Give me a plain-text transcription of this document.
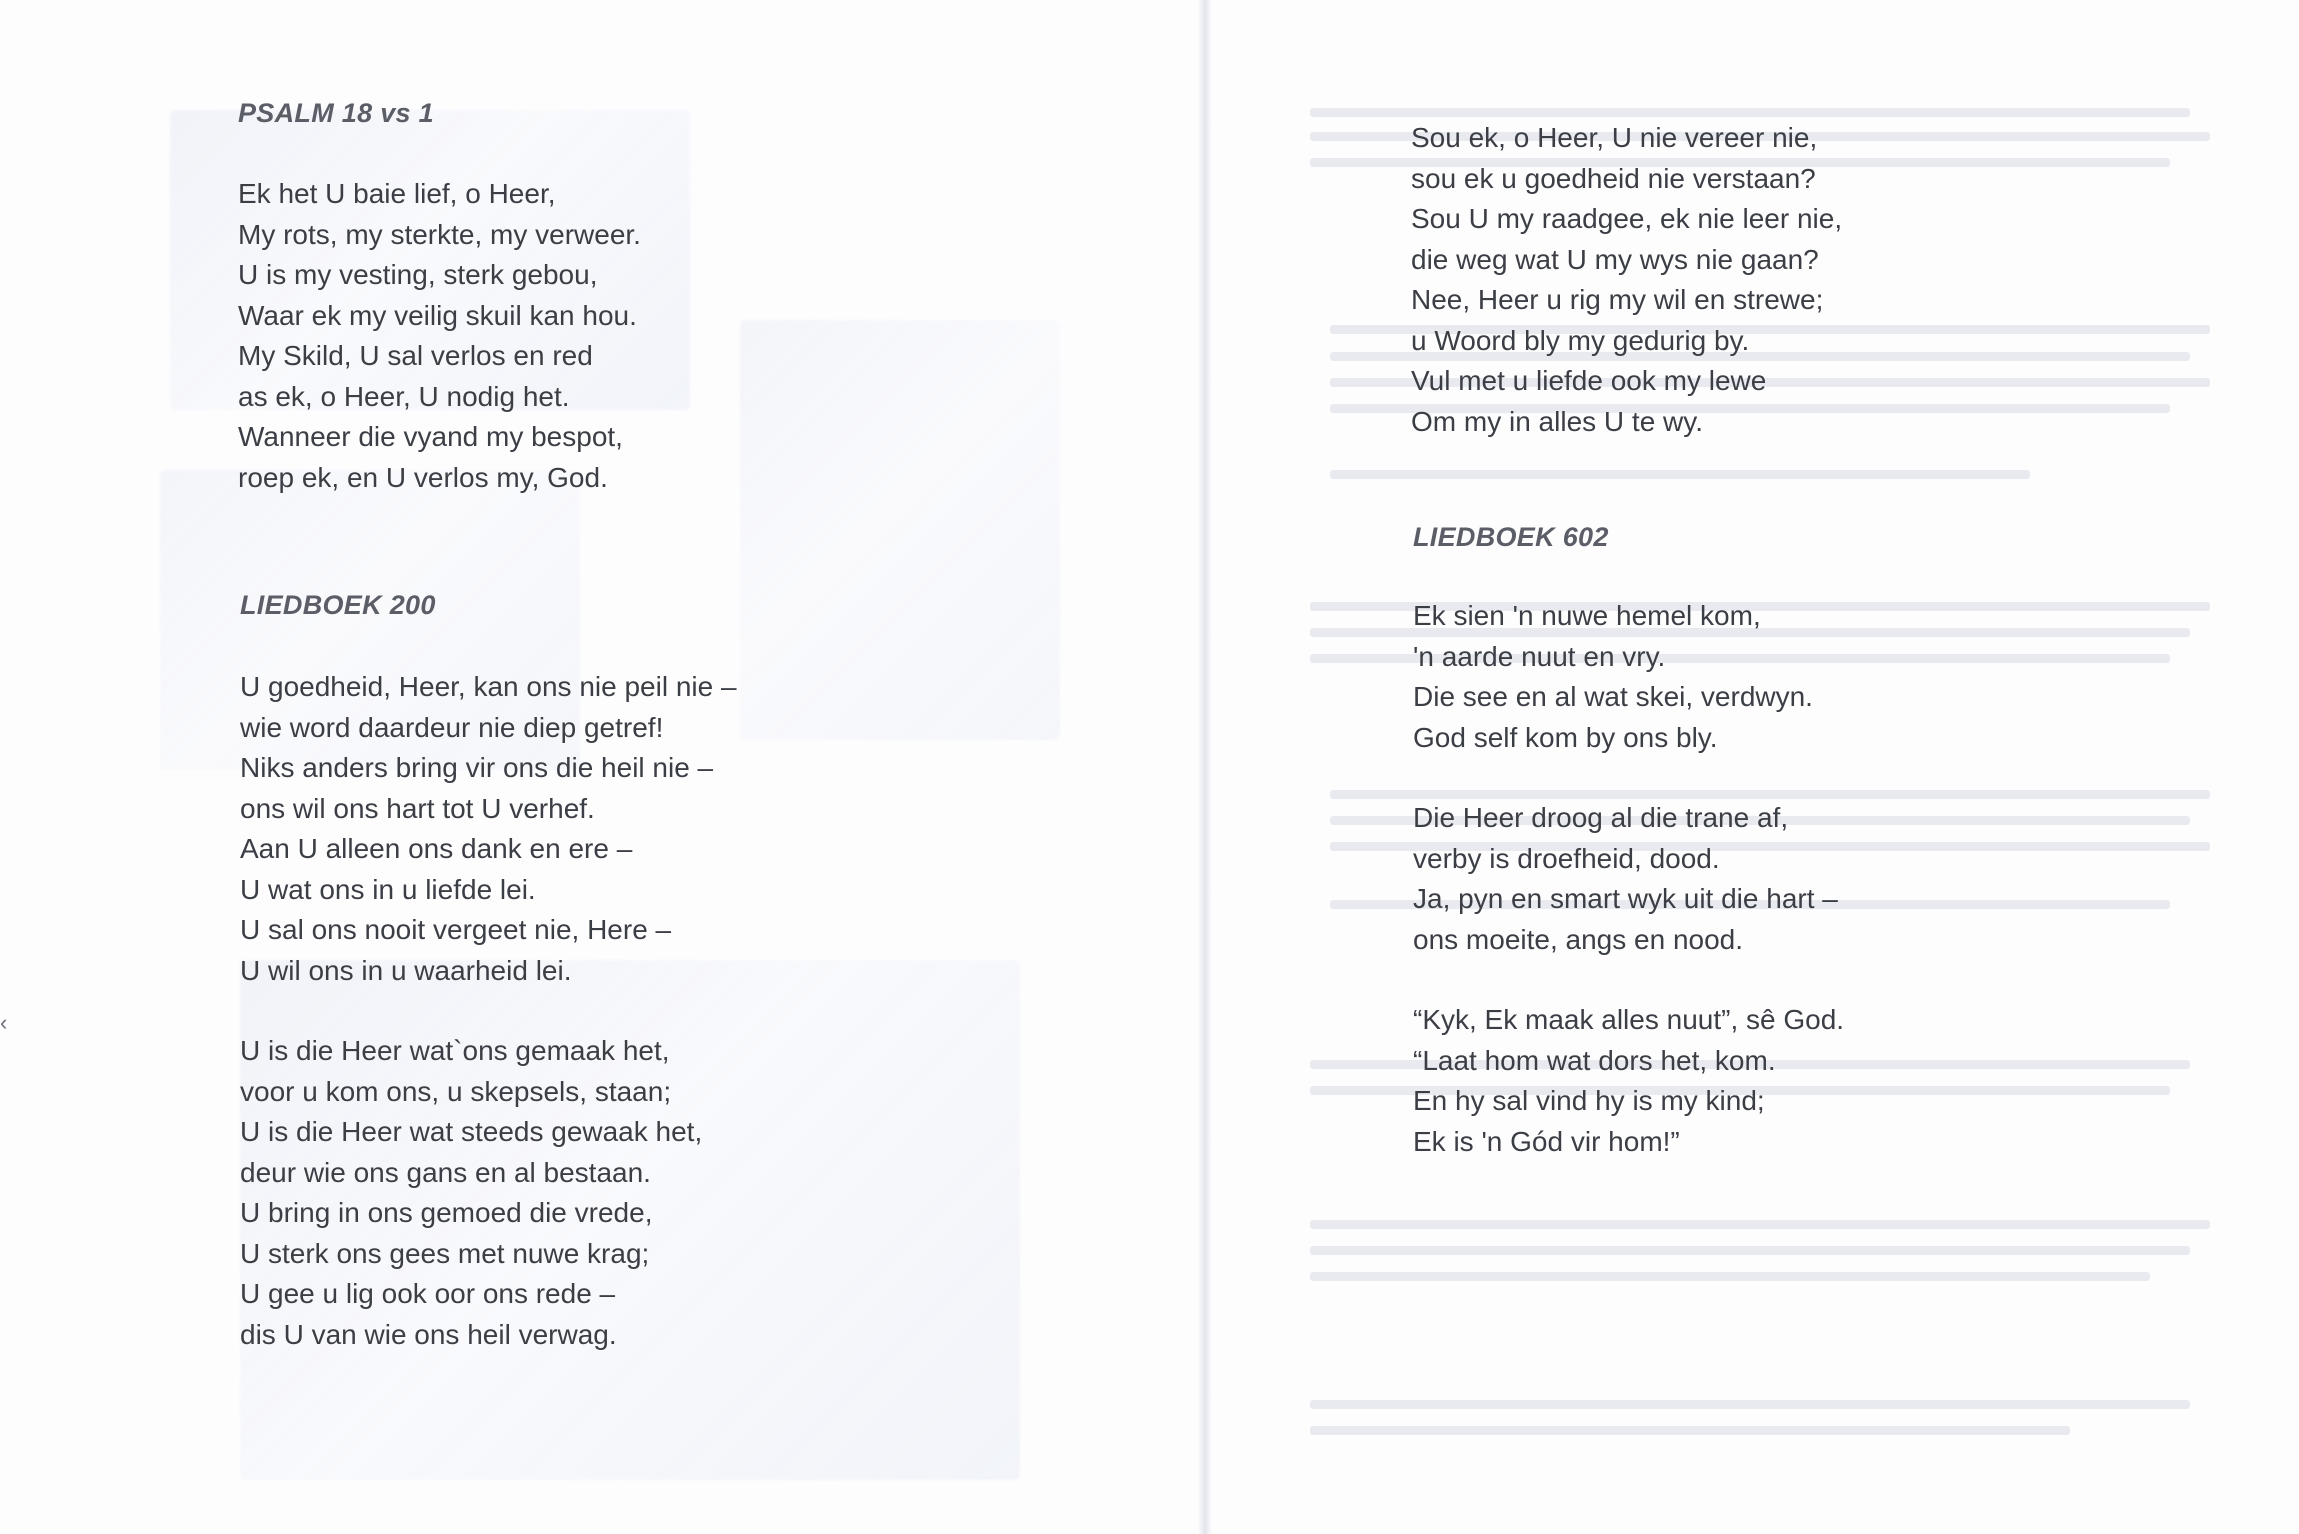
PSALM 18 vs 1

Ek het U baie lief, o Heer,
My rots, my sterkte, my verweer.
U is my vesting, sterk gebou,
Waar ek my veilig skuil kan hou.
My Skild, U sal verlos en red
as ek, o Heer, U nodig het.
Wanneer die vyand my bespot,
roep ek, en U verlos my, God.

LIEDBOEK 200

U goedheid, Heer, kan ons nie peil nie –
wie word daardeur nie diep getref!
Niks anders bring vir ons die heil nie –
ons wil ons hart tot U verhef.
Aan U alleen ons dank en ere –
U wat ons in u liefde lei.
U sal ons nooit vergeet nie, Here –
U wil ons in u waarheid lei.

U is die Heer wat`ons gemaak het,
voor u kom ons, u skepsels, staan;
U is die Heer wat steeds gewaak het,
deur wie ons gans en al bestaan.
U bring in ons gemoed die vrede,
U sterk ons gees met nuwe krag;
U gee u lig ook oor ons rede –
dis U van wie ons heil verwag.

‹

Sou ek, o Heer, U nie vereer nie,
sou ek u goedheid nie verstaan?
Sou U my raadgee, ek nie leer nie,
die weg wat U my wys nie gaan?
Nee, Heer u rig my wil en strewe;
u Woord bly my gedurig by.
Vul met u liefde ook my lewe
Om my in alles U te wy.

LIEDBOEK 602

Ek sien 'n nuwe hemel kom,
'n aarde nuut en vry.
Die see en al wat skei, verdwyn.
God self kom by ons bly.

Die Heer droog al die trane af,
verby is droefheid, dood.
Ja, pyn en smart wyk uit die hart –
ons moeite, angs en nood.

“Kyk, Ek maak alles nuut”, sê God.
“Laat hom wat dors het, kom.
En hy sal vind hy is my kind;
Ek is 'n Gód vir hom!”
